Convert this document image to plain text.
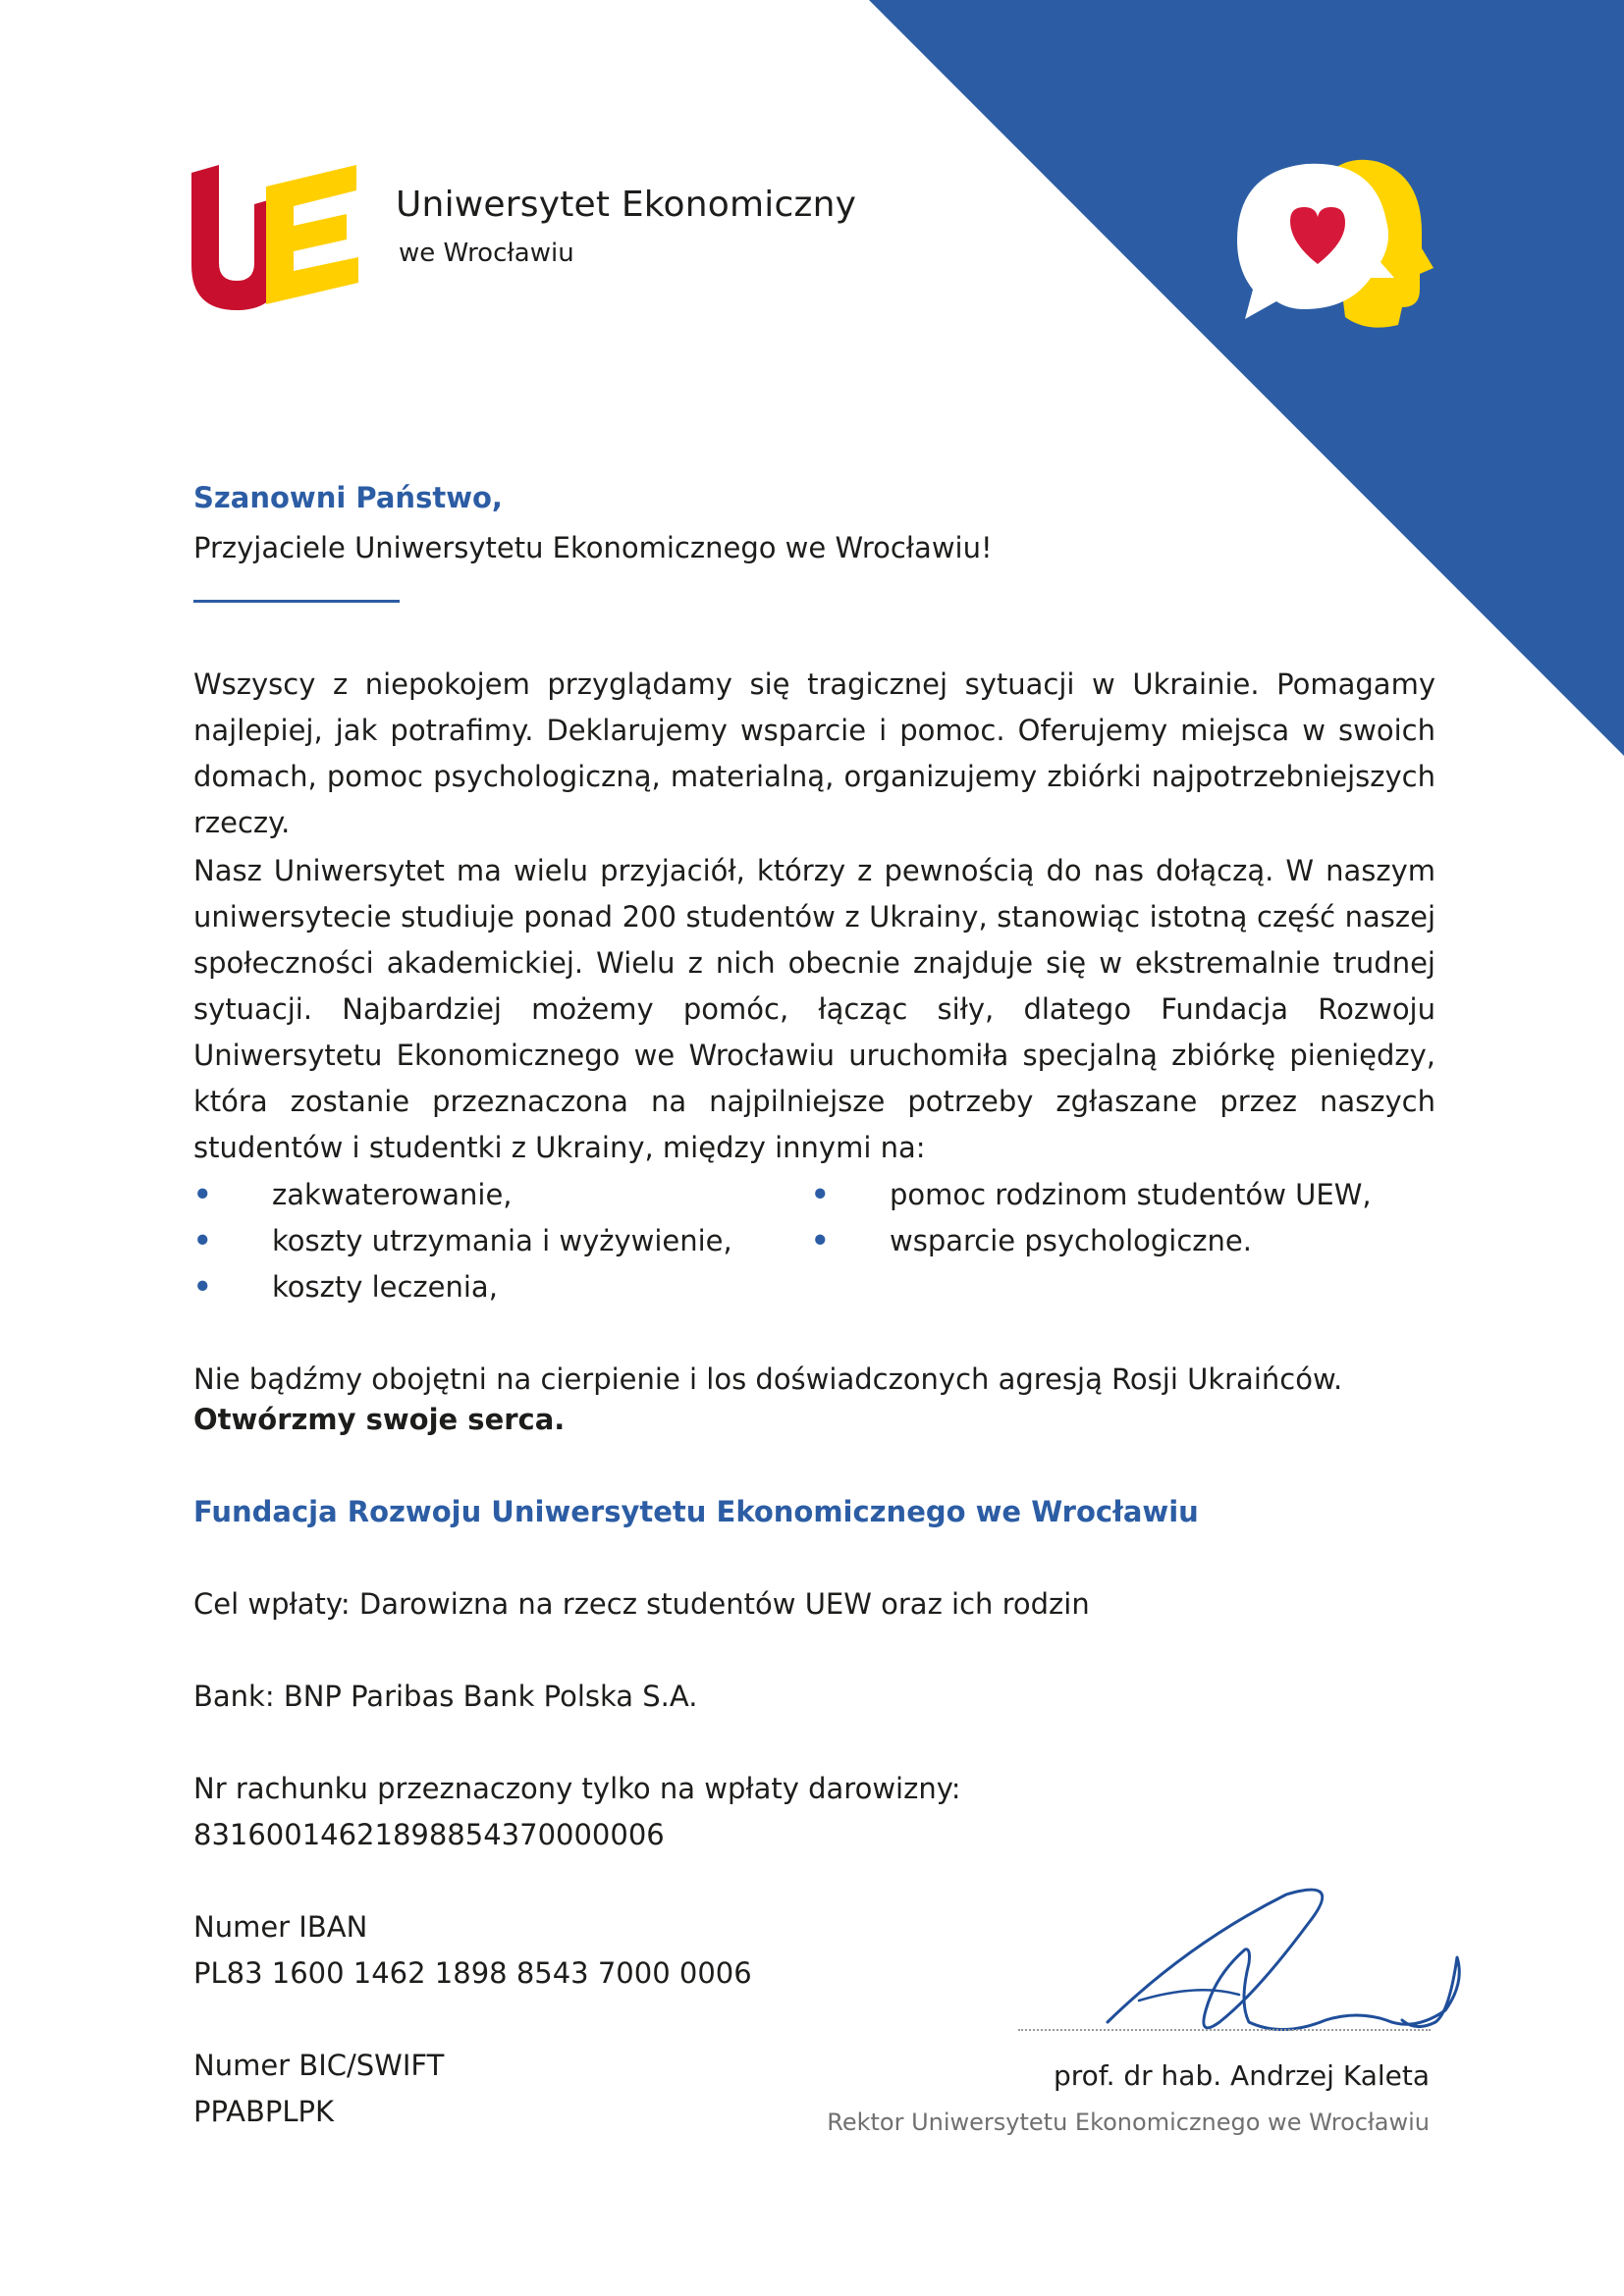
Uniwersytet Ekonomiczny
we Wrocławiu
Szanowni Państwo,
Przyjaciele Uniwersytetu Ekonomicznego we Wrocławiu!

Wszyscy z niepokojem przyglądamy się tragicznej sytuacji w Ukrainie. Pomagamy najlepiej, jak potrafimy. Deklarujemy wsparcie i pomoc. Oferujemy miejsca w swoich domach, pomoc psychologiczną, materialną, organizujemy zbiórki najpotrzebniejszych rzeczy.

Nasz Uniwersytet ma wielu przyjaciół, którzy z pewnością do nas dołączą. W naszym uniwersytecie studiuje ponad 200 studentów z Ukrainy, stanowiąc istotną część naszej społeczności akademickiej. Wielu z nich obecnie znajduje się w ekstremalnie trudnej sytuacji. Najbardziej możemy pomóc, łącząc siły, dlatego Fundacja Rozwoju Uniwersytetu Ekonomicznego we Wrocławiu uruchomiła specjalną zbiórkę pieniędzy, która zostanie przeznaczona na najpilniejsze potrzeby zgłaszane przez naszych studentów i studentki z Ukrainy, między innymi na:

• zakwaterowanie,
• koszty utrzymania i wyżywienie,
• koszty leczenia,
• pomoc rodzinom studentów UEW,
• wsparcie psychologiczne.
Nie bądźmy obojętni na cierpienie i los doświadczonych agresją Rosji Ukraińców.
Otwórzmy swoje serca.
Fundacja Rozwoju Uniwersytetu Ekonomicznego we Wrocławiu
Cel wpłaty: Darowizna na rzecz studentów UEW oraz ich rodzin
Bank: BNP Paribas Bank Polska S.A.
Nr rachunku przeznaczony tylko na wpłaty darowizny:
83160014621898854370000006
Numer IBAN
PL83 1600 1462 1898 8543 7000 0006
Numer BIC/SWIFT
PPABPLPK
prof. dr hab. Andrzej Kaleta
Rektor Uniwersytetu Ekonomicznego we Wrocławiu
